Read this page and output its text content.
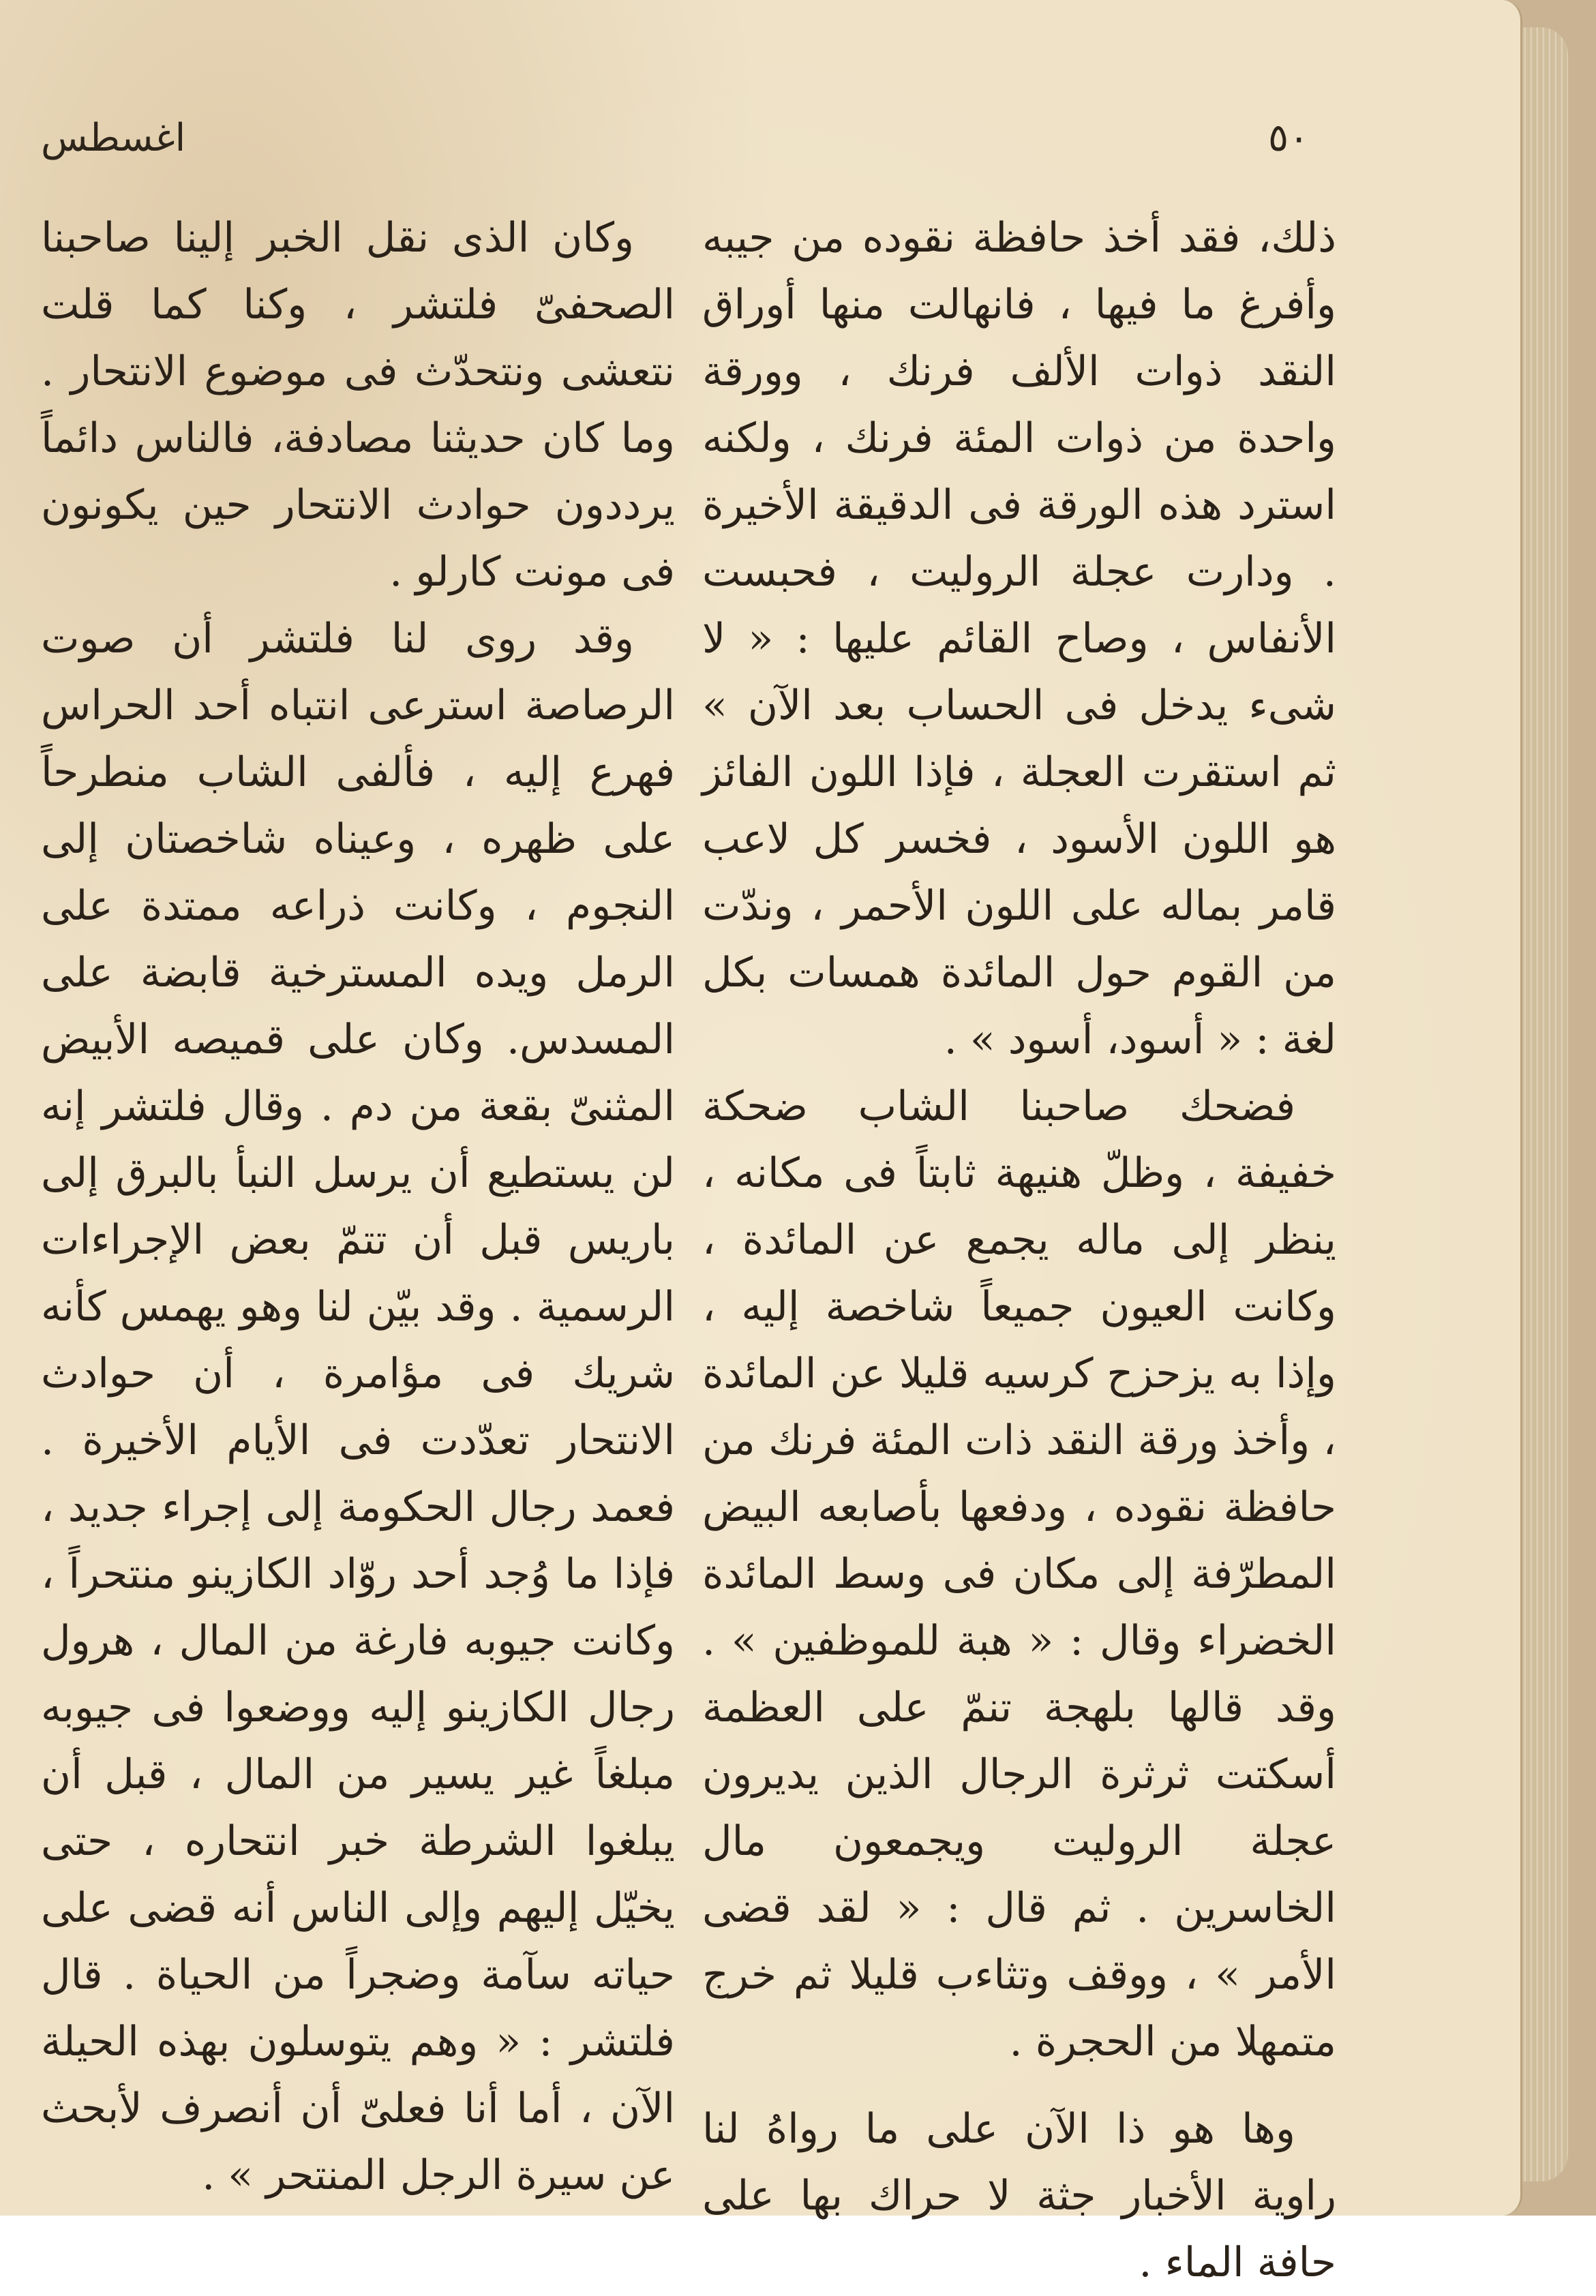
اغسطس	٥٠

ذلك، فقد أخذ حافظة نقوده من جيبه وأفرغ ما فيها ، فانهالت منها أوراق النقد ذوات الألف فرنك ، وورقة واحدة من ذوات المئة فرنك ، ولكنه استرد هذه الورقة فى الدقيقة الأخيرة . ودارت عجلة الروليت ، فحبست الأنفاس ، وصاح القائم عليها : « لا شىء يدخل فى الحساب بعد الآن » ثم استقرت العجلة ، فإذا اللون الفائز هو اللون الأسود ، فخسر كل لاعب قامر بماله على اللون الأحمر ، وندّت من القوم حول المائدة همسات بكل لغة : « أسود، أسود » .

فضحك صاحبنا الشاب ضحكة خفيفة ، وظلّ هنيهة ثابتاً فى مكانه ، ينظر إلى ماله يجمع عن المائدة ، وكانت العيون جميعاً شاخصة إليه ، وإذا به يزحزح كرسيه قليلا عن المائدة ، وأخذ ورقة النقد ذات المئة فرنك من حافظة نقوده ، ودفعها بأصابعه البيض المطرّفة إلى مكان فى وسط المائدة الخضراء وقال : « هبة للموظفين » . وقد قالها بلهجة تنمّ على العظمة أسكتت ثرثرة الرجال الذين يديرون عجلة الروليت ويجمعون مال الخاسرين . ثم قال : « لقد قضى الأمر » ، ووقف وتثاءب قليلا ثم خرج متمهلا من الحجرة .

وها هو ذا الآن على ما رواهُ لنا راوية الأخبار جثة لا حراك بها على حافة الماء .

وكان الذى نقل الخبر إلينا صاحبنا الصحفىّ فلتشر ، وكنا كما قلت نتعشى ونتحدّث فى موضوع الانتحار . وما كان حديثنا مصادفة، فالناس دائماً يرددون حوادث الانتحار حين يكونون فى مونت كارلو .

وقد روى لنا فلتشر أن صوت الرصاصة استرعى انتباه أحد الحراس فهرع إليه ، فألفى الشاب منطرحاً على ظهره ، وعيناه شاخصتان إلى النجوم ، وكانت ذراعه ممتدة على الرمل ويده المسترخية قابضة على المسدس. وكان على قميصه الأبيض المثنىّ بقعة من دم . وقال فلتشر إنه لن يستطيع أن يرسل النبأ بالبرق إلى باريس قبل أن تتمّ بعض الإجراءات الرسمية . وقد بيّن لنا وهو يهمس كأنه شريك فى مؤامرة ، أن حوادث الانتحار تعدّدت فى الأيام الأخيرة . فعمد رجال الحكومة إلى إجراء جديد ، فإذا ما وُجد أحد روّاد الكازينو منتحراً ، وكانت جيوبه فارغة من المال ، هرول رجال الكازينو إليه ووضعوا فى جيوبه مبلغاً غير يسير من المال ، قبل أن يبلغوا الشرطة خبر انتحاره ، حتى يخيّل إليهم وإلى الناس أنه قضى على حياته سآمة وضجراً من الحياة . قال فلتشر : « وهم يتوسلون بهذه الحيلة الآن ، أما أنا فعلىّ أن أنصرف لأبحث عن سيرة الرجل المنتحر » .
